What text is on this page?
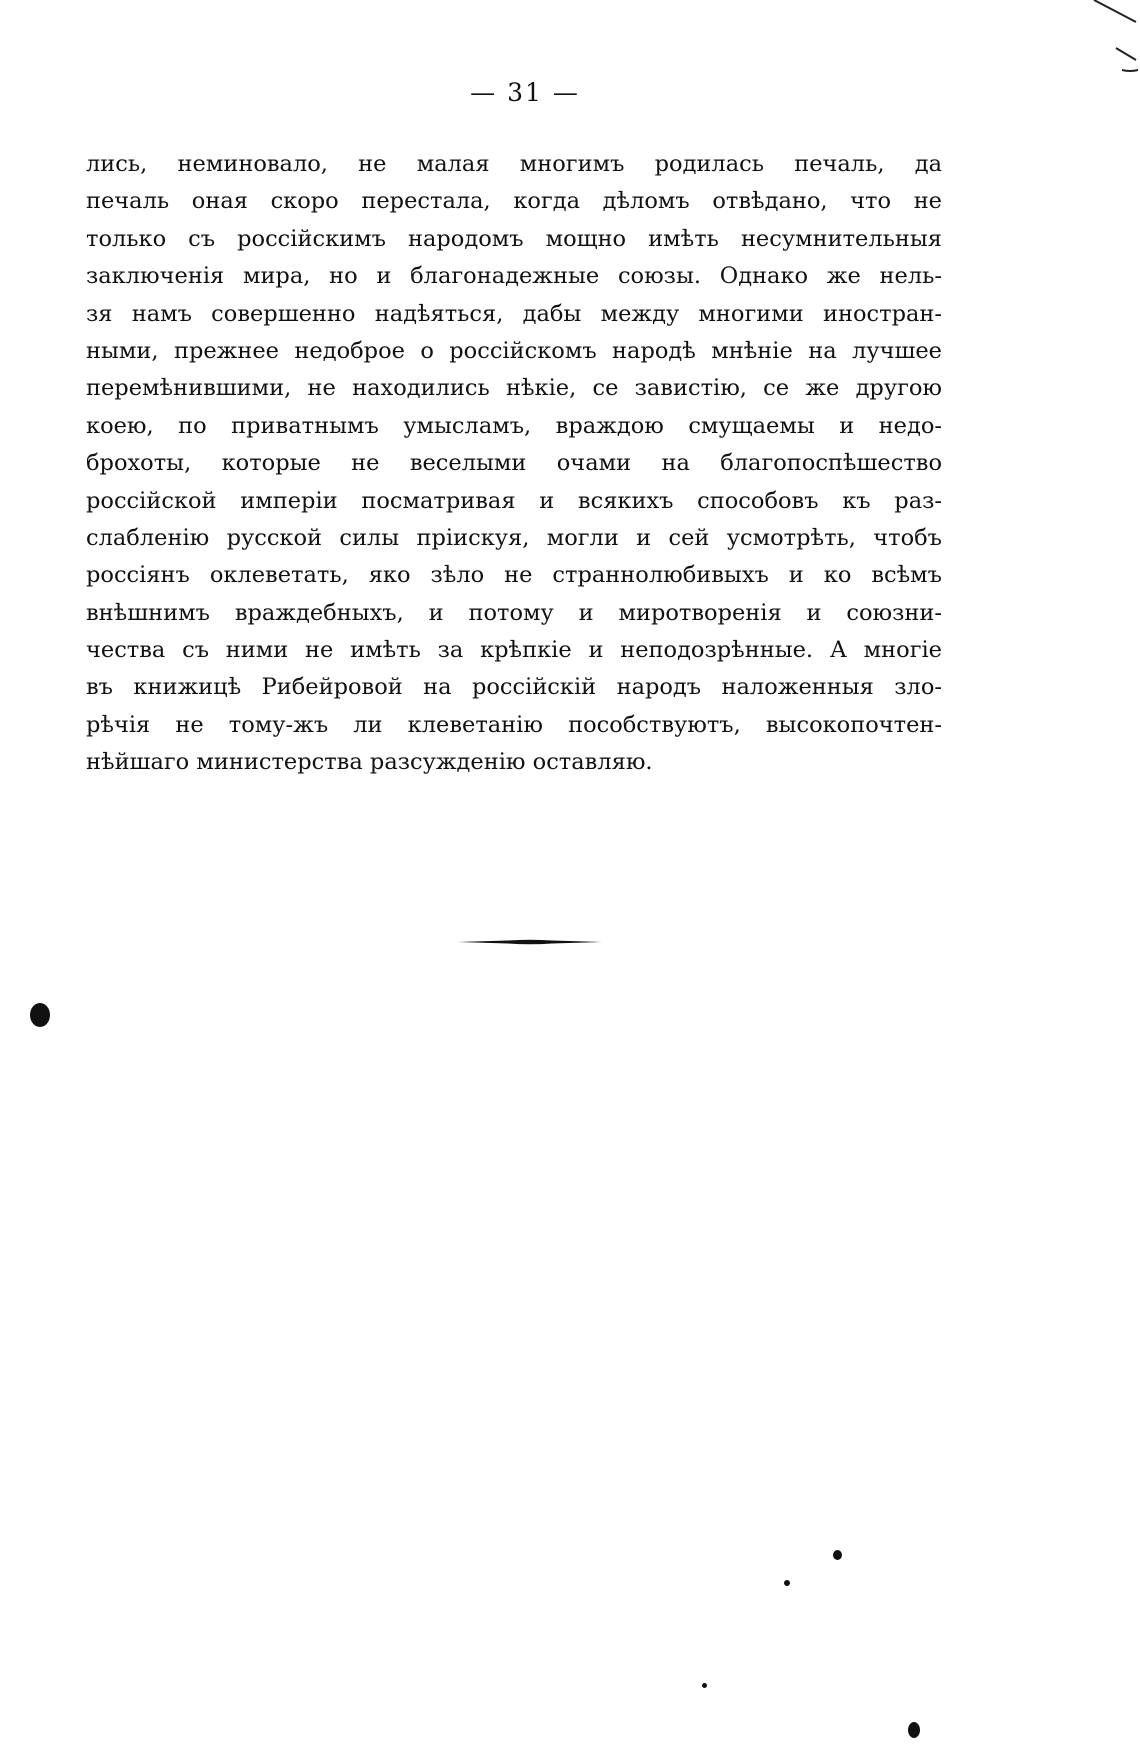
— 31 —
лись, неминовало, не малая многимъ родилась печаль, да
печаль оная скоро перестала, когда дѣломъ отвѣдано, что не
только съ россійскимъ народомъ мощно имѣть несумнительныя
заключенія мира, но и благонадежные союзы. Однако же нель-
зя намъ совершенно надѣяться, дабы между многими иностран-
ными, прежнее недоброе о россійскомъ народѣ мнѣніе на лучшее
перемѣнившими, не находились нѣкіе, се завистію, се же другою
коею, по приватнымъ умысламъ, враждою смущаемы и недо-
брохоты, которые не веселыми очами на благопоспѣшество
россійской имперіи посматривая и всякихъ способовъ къ раз-
слабленію русской силы пріискуя, могли и сей усмотрѣть, чтобъ
россіянъ оклеветать, яко зѣло не страннолюбивыхъ и ко всѣмъ
внѣшнимъ враждебныхъ, и потому и миротворенія и союзни-
чества съ ними не имѣть за крѣпкіе и неподозрѣнные. А многіе
въ книжицѣ Рибейровой на россійскій народъ наложенныя зло-
рѣчія не тому-жъ ли клеветанію пособствуютъ, высокопочтен-
нѣйшаго министерства разсужденію оставляю.
